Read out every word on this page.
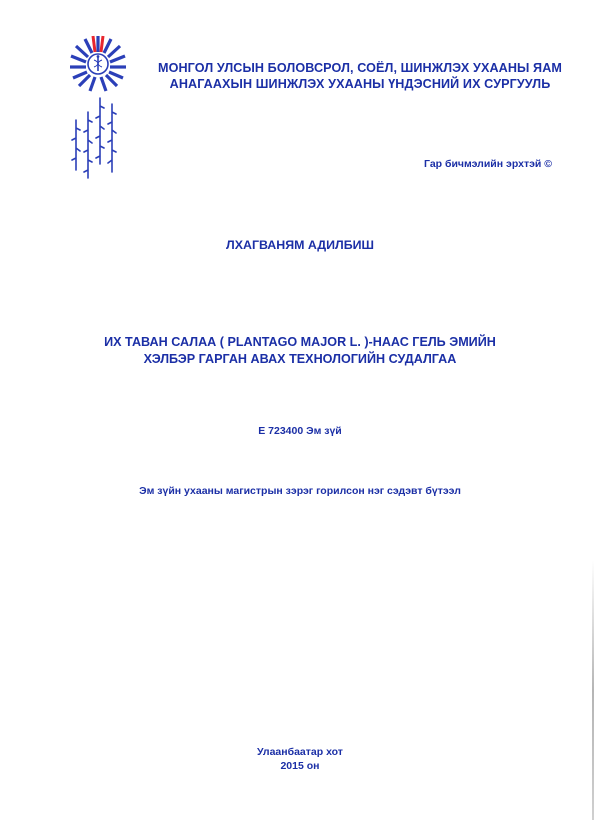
МОНГОЛ УЛСЫН БОЛОВСРОЛ, СОЁЛ, ШИНЖЛЭХ УХААНЫ ЯАМ
АНАГААХЫН ШИНЖЛЭХ УХААНЫ ҮНДЭСНИЙ ИХ СУРГУУЛЬ
Гар бичмэлийн эрхтэй ©
ЛХАГВАНЯМ АДИЛБИШ
ИХ ТАВАН САЛАА ( PLANTAGO MAJOR L. )-НААС ГЕЛЬ ЭМИЙН
ХЭЛБЭР ГАРГАН АВАХ ТЕХНОЛОГИЙН СУДАЛГАА
Е 723400 Эм зүй
Эм зүйн ухааны магистрын зэрэг горилсон нэг сэдэвт бүтээл
Улаанбаатар хот
2015 он
